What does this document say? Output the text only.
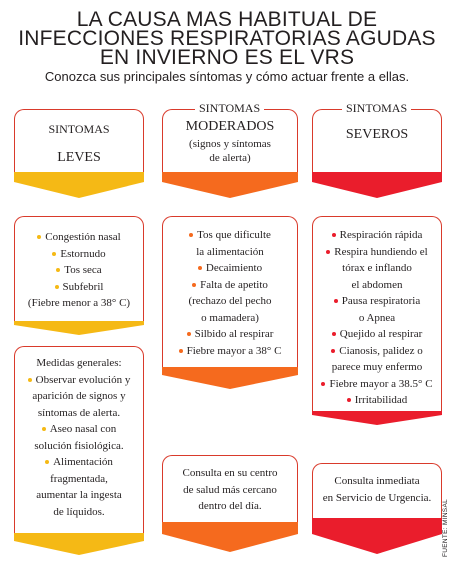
LA CAUSA MAS HABITUAL DE
INFECCIONES RESPIRATORIAS AGUDAS
EN INVIERNO ES EL VRS
Conozca sus principales síntomas y cómo actuar frente a ellas.
SINTOMAS
LEVES
Congestión nasal
Estornudo
Tos seca
Subfebril
(Fiebre menor a 38° C)
Medidas generales:
Observar evolución y
aparición de signos y
síntomas de alerta.
Aseo nasal con
solución fisiológica.
Alimentación
fragmentada,
aumentar la ingesta
de líquidos.
SINTOMAS
MODERADOS
(signos y síntomas
de alerta)
Tos que dificulte
la alimentación
Decaimiento
Falta de apetito
(rechazo del pecho
o mamadera)
Silbido al respirar
Fiebre mayor a 38° C
Consulta en su centro
de salud más cercano
dentro del día.
SINTOMAS
SEVEROS
Respiración rápida
Respira hundiendo el
tórax e inflando
el abdomen
Pausa respiratoria
o Apnea
Quejido al respirar
Cianosis, palidez o
parece muy enfermo
Fiebre mayor a 38.5° C
Irritabilidad
Consulta inmediata
en Servicio de Urgencia.
FUENTE: MINSAL
